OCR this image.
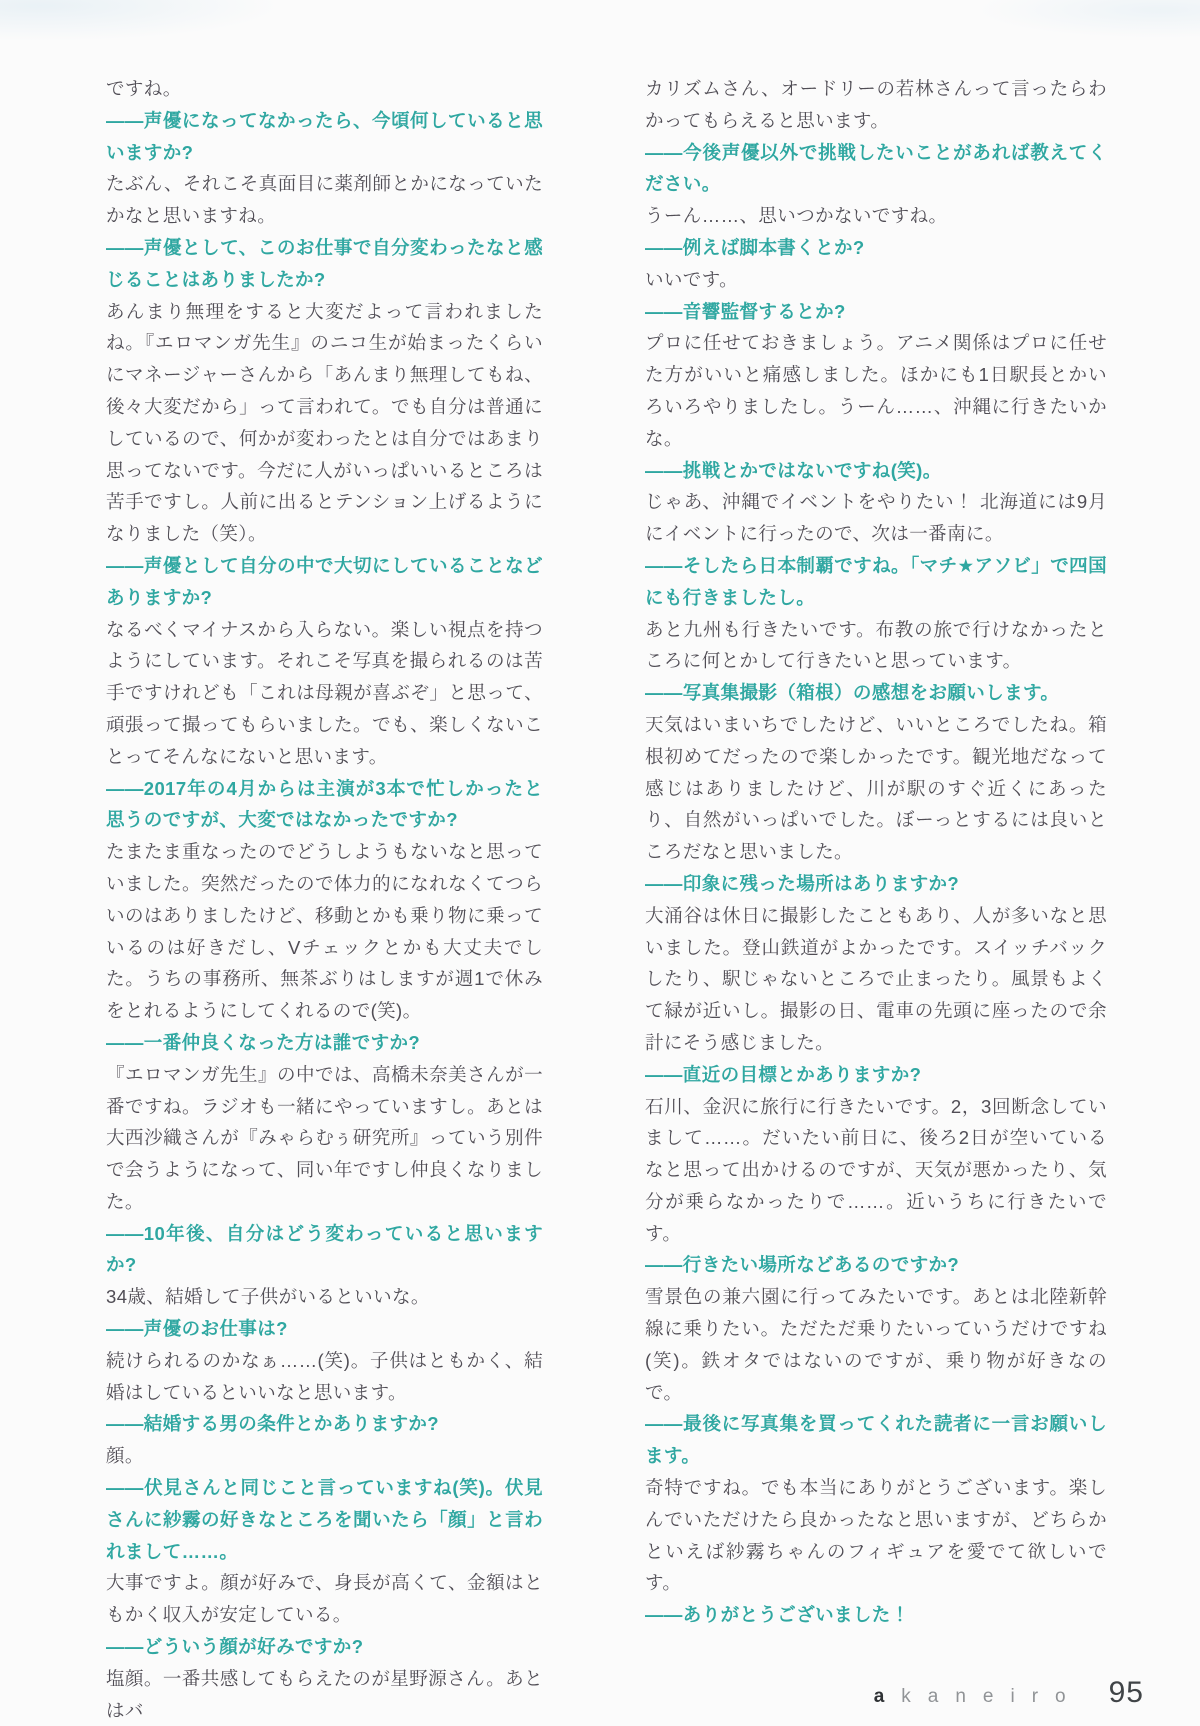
ですね。

——声優になってなかったら、今頃何していると思いますか?

たぶん、それこそ真面目に薬剤師とかになっていたかなと思いますね。

——声優として、このお仕事で自分変わったなと感じることはありましたか?

あんまり無理をすると大変だよって言われましたね。『エロマンガ先生』のニコ生が始まったくらいにマネージャーさんから「あんまり無理してもね、後々大変だから」って言われて。でも自分は普通にしているので、何かが変わったとは自分ではあまり思ってないです。今だに人がいっぱいいるところは苦手ですし。人前に出るとテンション上げるようになりました（笑）。

——声優として自分の中で大切にしていることなどありますか?

なるべくマイナスから入らない。楽しい視点を持つようにしています。それこそ写真を撮られるのは苦手ですけれども「これは母親が喜ぶぞ」と思って、頑張って撮ってもらいました。でも、楽しくないことってそんなにないと思います。

——2017年の4月からは主演が3本で忙しかったと思うのですが、大変ではなかったですか?

たまたま重なったのでどうしようもないなと思っていました。突然だったので体力的になれなくてつらいのはありましたけど、移動とかも乗り物に乗っているのは好きだし、Vチェックとかも大丈夫でした。うちの事務所、無茶ぶりはしますが週1で休みをとれるようにしてくれるので(笑)。

——一番仲良くなった方は誰ですか?

『エロマンガ先生』の中では、高橋未奈美さんが一番ですね。ラジオも一緒にやっていますし。あとは大西沙織さんが『みゃらむぅ研究所』っていう別件で会うようになって、同い年ですし仲良くなりました。

——10年後、自分はどう変わっていると思いますか?

34歳、結婚して子供がいるといいな。

——声優のお仕事は?

続けられるのかなぁ……(笑)。子供はともかく、結婚はしているといいなと思います。

——結婚する男の条件とかありますか?

顔。

——伏見さんと同じこと言っていますね(笑)。伏見さんに紗霧の好きなところを聞いたら「顔」と言われまして……。

大事ですよ。顔が好みで、身長が高くて、金額はともかく収入が安定している。

——どういう顔が好みですか?

塩顔。一番共感してもらえたのが星野源さん。あとはバ

カリズムさん、オードリーの若林さんって言ったらわかってもらえると思います。

——今後声優以外で挑戦したいことがあれば教えてください。

うーん……、思いつかないですね。

——例えば脚本書くとか?

いいです。

——音響監督するとか?

プロに任せておきましょう。アニメ関係はプロに任せた方がいいと痛感しました。ほかにも1日駅長とかいろいろやりましたし。うーん……、沖縄に行きたいかな。

——挑戦とかではないですね(笑)。

じゃあ、沖縄でイベントをやりたい！ 北海道には9月にイベントに行ったので、次は一番南に。

——そしたら日本制覇ですね。「マチ★アソビ」で四国にも行きましたし。

あと九州も行きたいです。布教の旅で行けなかったところに何とかして行きたいと思っています。

——写真集撮影（箱根）の感想をお願いします。

天気はいまいちでしたけど、いいところでしたね。箱根初めてだったので楽しかったです。観光地だなって感じはありましたけど、川が駅のすぐ近くにあったり、自然がいっぱいでした。ぼーっとするには良いところだなと思いました。

——印象に残った場所はありますか?

大涌谷は休日に撮影したこともあり、人が多いなと思いました。登山鉄道がよかったです。スイッチバックしたり、駅じゃないところで止まったり。風景もよくて緑が近いし。撮影の日、電車の先頭に座ったので余計にそう感じました。

——直近の目標とかありますか?

石川、金沢に旅行に行きたいです。2，3回断念していまして……。だいたい前日に、後ろ2日が空いているなと思って出かけるのですが、天気が悪かったり、気分が乗らなかったりで……。近いうちに行きたいです。

——行きたい場所などあるのですか?

雪景色の兼六園に行ってみたいです。あとは北陸新幹線に乗りたい。ただただ乗りたいっていうだけですね(笑)。鉄オタではないのですが、乗り物が好きなので。

——最後に写真集を買ってくれた読者に一言お願いします。

奇特ですね。でも本当にありがとうございます。楽しんでいただけたら良かったなと思いますが、どちらかといえば紗霧ちゃんのフィギュアを愛でて欲しいです。

——ありがとうございました！

akaneiro 95
